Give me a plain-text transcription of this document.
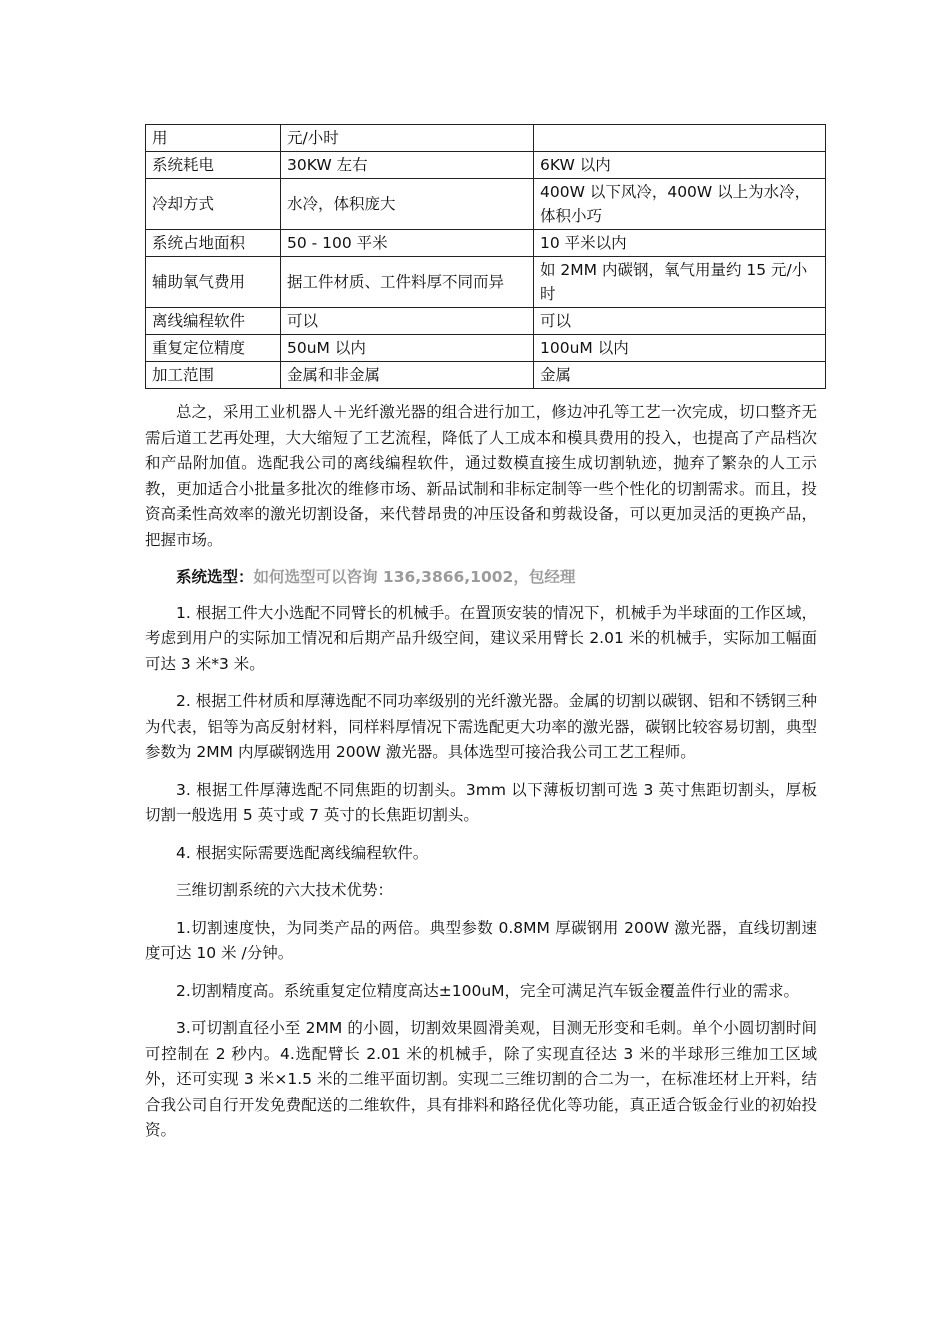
用	元/小时	
系统耗电	30KW 左右	6KW 以内
冷却方式	水冷，体积庞大	400W 以下风冷，400W 以上为水冷，体积小巧
系统占地面积	50 - 100 平米	10 平米以内
辅助氧气费用	据工件材质、工件料厚不同而异	如 2MM 内碳钢，氧气用量约 15 元/小时
离线编程软件	可以	可以
重复定位精度	50uM 以内	100uM 以内
加工范围	金属和非金属	金属

总之，采用工业机器人＋光纤激光器的组合进行加工，修边冲孔等工艺一次完成，切口整齐无需后道工艺再处理，大大缩短了工艺流程，降低了人工成本和模具费用的投入，也提高了产品档次和产品附加值。选配我公司的离线编程软件，通过数模直接生成切割轨迹，抛弃了繁杂的人工示教，更加适合小批量多批次的维修市场、新品试制和非标定制等一些个性化的切割需求。而且，投资高柔性高效率的激光切割设备，来代替昂贵的冲压设备和剪裁设备，可以更加灵活的更换产品，把握市场。

系统选型：如何选型可以咨询 136,3866,1002，包经理

1. 根据工件大小选配不同臂长的机械手。在置顶安装的情况下，机械手为半球面的工作区域，考虑到用户的实际加工情况和后期产品升级空间，建议采用臂长 2.01 米的机械手，实际加工幅面可达 3 米*3 米。

2. 根据工件材质和厚薄选配不同功率级别的光纤激光器。金属的切割以碳钢、铝和不锈钢三种为代表，铝等为高反射材料，同样料厚情况下需选配更大功率的激光器，碳钢比较容易切割，典型参数为 2MM 内厚碳钢选用 200W 激光器。具体选型可接洽我公司工艺工程师。

3. 根据工件厚薄选配不同焦距的切割头。3mm 以下薄板切割可选 3 英寸焦距切割头，厚板切割一般选用 5 英寸或 7 英寸的长焦距切割头。

4. 根据实际需要选配离线编程软件。

三维切割系统的六大技术优势：

1.切割速度快，为同类产品的两倍。典型参数 0.8MM 厚碳钢用 200W 激光器，直线切割速度可达 10 米 /分钟。

2.切割精度高。系统重复定位精度高达±100uM，完全可满足汽车钣金覆盖件行业的需求。

3.可切割直径小至 2MM 的小圆，切割效果圆滑美观，目测无形变和毛刺。单个小圆切割时间可控制在 2 秒内。4.选配臂长 2.01 米的机械手，除了实现直径达 3 米的半球形三维加工区域外，还可实现 3 米×1.5 米的二维平面切割。实现二三维切割的合二为一，在标准坯材上开料，结合我公司自行开发免费配送的二维软件，具有排料和路径优化等功能，真正适合钣金行业的初始投资。
